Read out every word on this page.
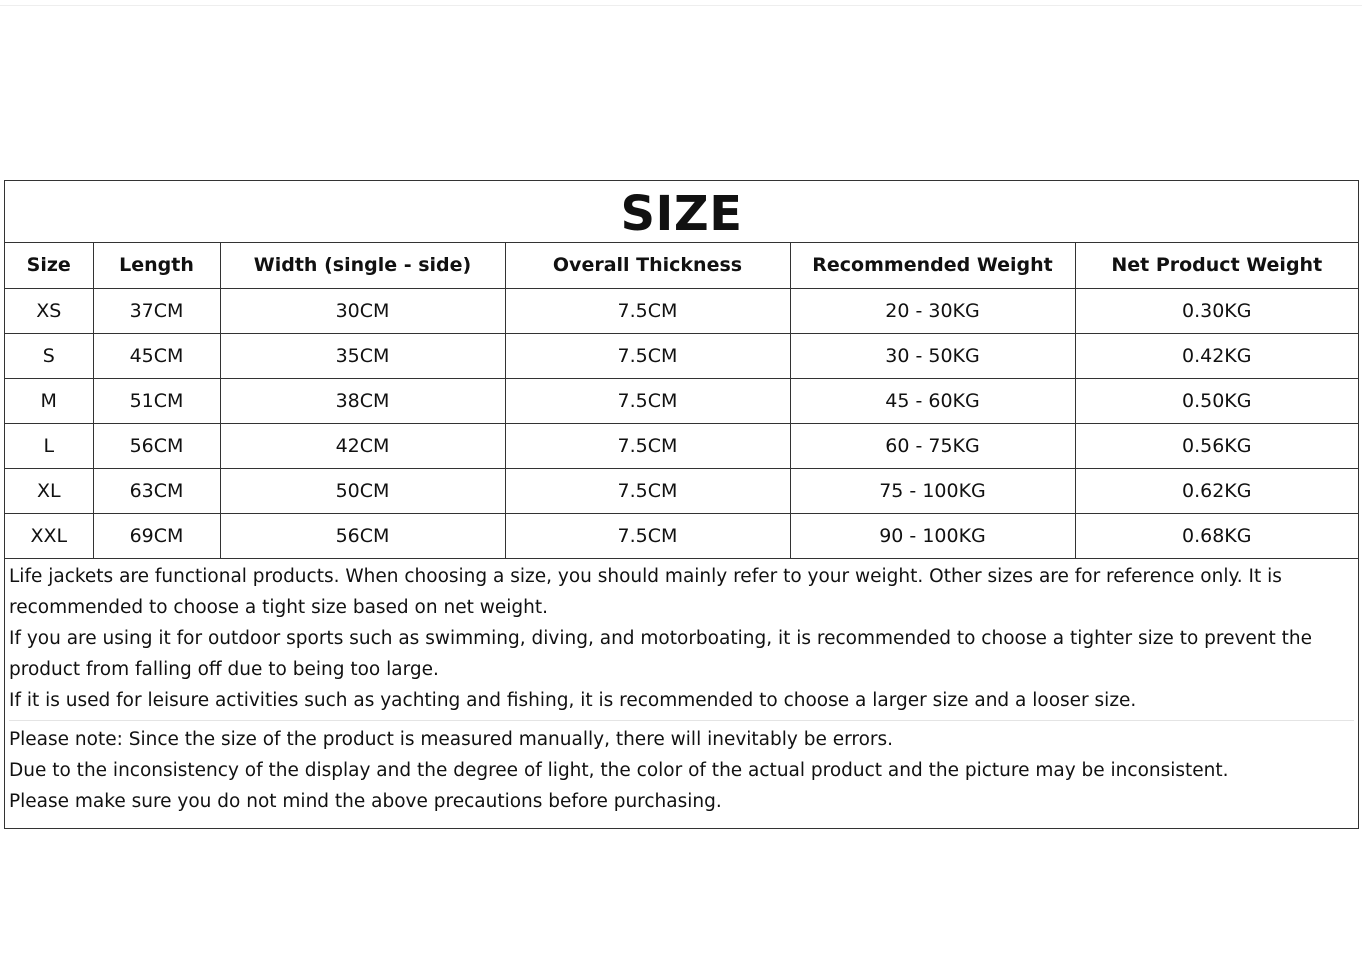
SIZE
Size	Length	Width (single - side)	Overall Thickness	Recommended Weight	Net Product Weight
XS	37CM	30CM	7.5CM	20 - 30KG	0.30KG
S	45CM	35CM	7.5CM	30 - 50KG	0.42KG
M	51CM	38CM	7.5CM	45 - 60KG	0.50KG
L	56CM	42CM	7.5CM	60 - 75KG	0.56KG
XL	63CM	50CM	7.5CM	75 - 100KG	0.62KG
XXL	69CM	56CM	7.5CM	90 - 100KG	0.68KG
Life jackets are functional products. When choosing a size, you should mainly refer to your weight. Other sizes are for reference only. It is recommended to choose a tight size based on net weight.
If you are using it for outdoor sports such as swimming, diving, and motorboating, it is recommended to choose a tighter size to prevent the product from falling off due to being too large.
If it is used for leisure activities such as yachting and fishing, it is recommended to choose a larger size and a looser size.
Please note: Since the size of the product is measured manually, there will inevitably be errors.
Due to the inconsistency of the display and the degree of light, the color of the actual product and the picture may be inconsistent.
Please make sure you do not mind the above precautions before purchasing.
